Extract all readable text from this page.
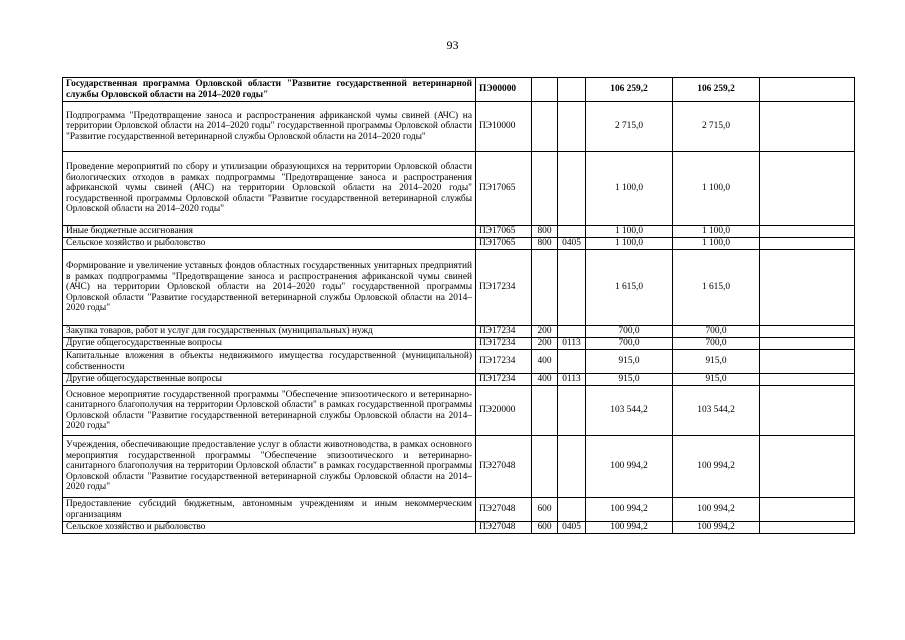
93
Государственная программа Орловской области "Развитие государственной ветеринарной службы Орловской области на 2014–2020 годы"	ПЭ00000			106 259,2	106 259,2	
Подпрограмма "Предотвращение заноса и распространения африканской чумы свиней (АЧС) на территории Орловской области на 2014–2020 годы" государственной программы Орловской области "Развитие государственной ветеринарной службы Орловской области на 2014–2020 годы"	ПЭ10000			2 715,0	2 715,0	
Проведение мероприятий по сбору и утилизации образующихся на территории Орловской области биологических отходов в рамках подпрограммы "Предотвращение заноса и распространения африканской чумы свиней (АЧС) на территории Орловской области на 2014–2020 годы" государственной программы Орловской области "Развитие государственной ветеринарной службы Орловской области на 2014–2020 годы"	ПЭ17065			1 100,0	1 100,0	
Иные бюджетные ассигнования	ПЭ17065	800		1 100,0	1 100,0	
Сельское хозяйство и рыболовство	ПЭ17065	800	0405	1 100,0	1 100,0	
Формирование и увеличение уставных фондов областных государственных унитарных предприятий в рамках подпрограммы "Предотвращение заноса и распространения африканской чумы свиней (АЧС) на территории Орловской области на 2014–2020 годы" государственной программы Орловской области "Развитие государственной ветеринарной службы Орловской области на 2014–2020 годы"	ПЭ17234			1 615,0	1 615,0	
Закупка товаров, работ и услуг для государственных (муниципальных) нужд	ПЭ17234	200		700,0	700,0	
Другие общегосударственные вопросы	ПЭ17234	200	0113	700,0	700,0	
Капитальные вложения в объекты недвижимого имущества государственной (муниципальной) собственности	ПЭ17234	400		915,0	915,0	
Другие общегосударственные вопросы	ПЭ17234	400	0113	915,0	915,0	
Основное мероприятие государственной программы "Обеспечение эпизоотического и ветеринарно-санитарного благополучия на территории Орловской области" в рамках государственной программы Орловской области "Развитие государственной ветеринарной службы Орловской области на 2014–2020 годы"	ПЭ20000			103 544,2	103 544,2	
Учреждения, обеспечивающие предоставление услуг в области животноводства, в рамках основного мероприятия государственной программы "Обеспечение эпизоотического и ветеринарно-санитарного благополучия на территории Орловской области" в рамках государственной программы Орловской области "Развитие государственной ветеринарной службы Орловской области на 2014–2020 годы"	ПЭ27048			100 994,2	100 994,2	
Предоставление субсидий бюджетным, автономным учреждениям и иным некоммерческим организациям	ПЭ27048	600		100 994,2	100 994,2	
Сельское хозяйство и рыболовство	ПЭ27048	600	0405	100 994,2	100 994,2	
